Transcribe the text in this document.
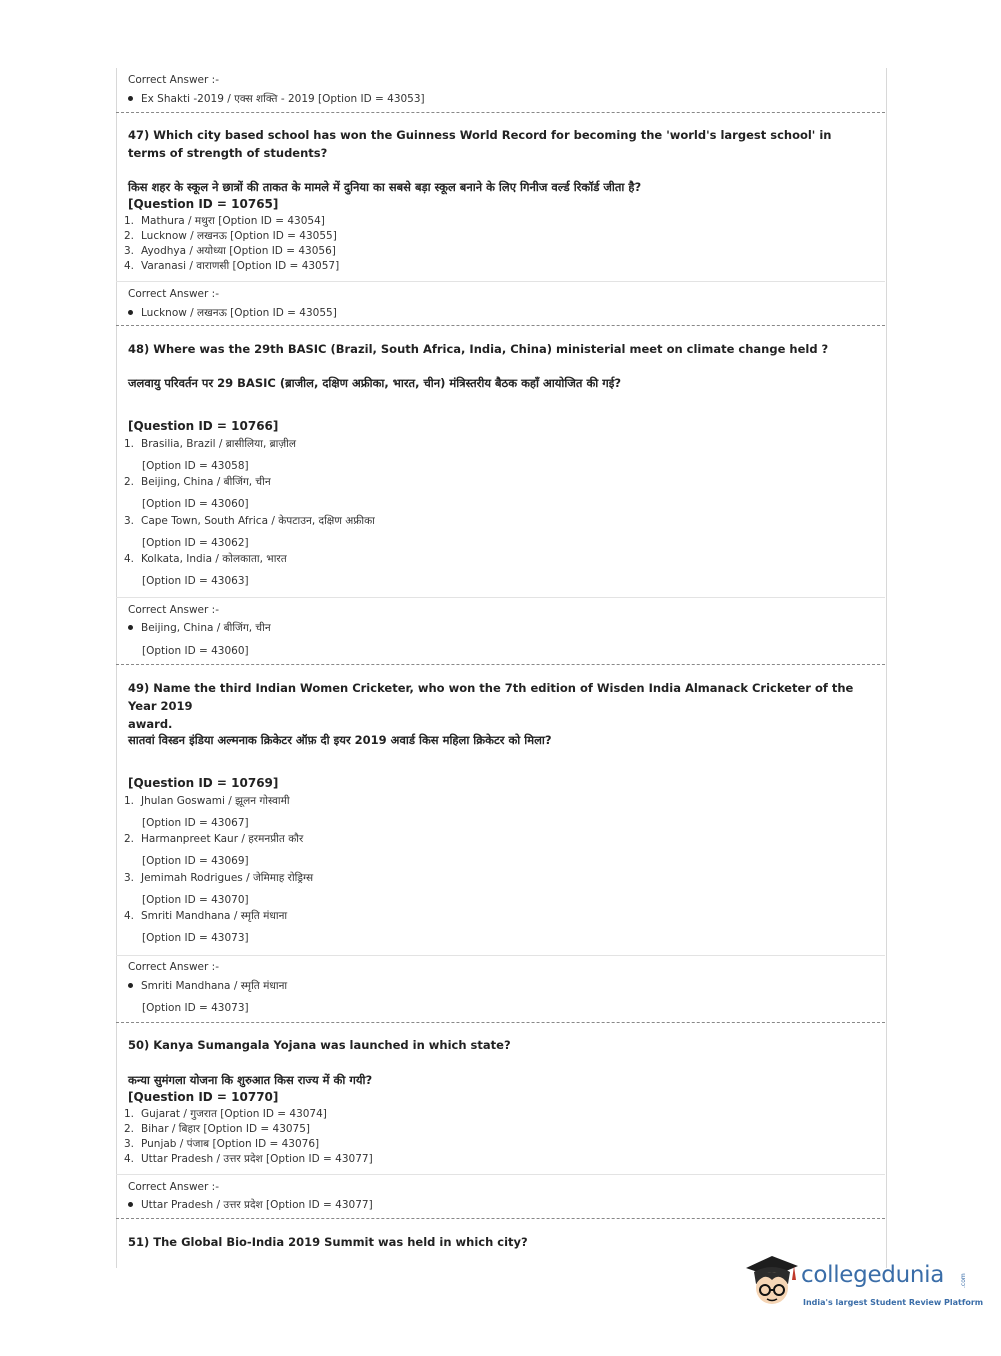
Correct Answer :-
Ex Shakti -2019 / एक्स शक्ति - 2019 [Option ID = 43053]
47) Which city based school has won the Guinness World Record for becoming the 'world's largest school' in terms of strength of students?
किस शहर के स्कूल ने छात्रों की ताकत के मामले में दुनिया का सबसे बड़ा स्कूल बनाने के लिए गिनीज वर्ल्ड रिकॉर्ड जीता है?
[Question ID = 10765]
1. Mathura / मथुरा [Option ID = 43054]
2. Lucknow / लखनऊ [Option ID = 43055]
3. Ayodhya / अयोध्या [Option ID = 43056]
4. Varanasi / वाराणसी [Option ID = 43057]
Correct Answer :-
Lucknow / लखनऊ [Option ID = 43055]
48) Where was the 29th BASIC (Brazil, South Africa, India, China) ministerial meet on climate change held ?
जलवायु परिवर्तन पर 29 BASIC (ब्राजील, दक्षिण अफ्रीका, भारत, चीन) मंत्रिस्तरीय बैठक कहाँ आयोजित की गई?
[Question ID = 10766]
1. Brasilia, Brazil / ब्रासीलिया, ब्राज़ील
[Option ID = 43058]
2. Beijing, China / बीजिंग, चीन
[Option ID = 43060]
3. Cape Town, South Africa / केपटाउन, दक्षिण अफ्रीका
[Option ID = 43062]
4. Kolkata, India / कोलकाता, भारत
[Option ID = 43063]
Correct Answer :-
Beijing, China / बीजिंग, चीन
[Option ID = 43060]
49) Name the third Indian Women Cricketer, who won the 7th edition of Wisden India Almanack Cricketer of the Year 2019
award.
सातवां विस्डन इंडिया अल्मनाक क्रिकेटर ऑफ़ दी इयर 2019 अवार्ड किस महिला क्रिकेटर को मिला?
[Question ID = 10769]
1. Jhulan Goswami / झूलन गोस्वामी
[Option ID = 43067]
2. Harmanpreet Kaur / हरमनप्रीत कौर
[Option ID = 43069]
3. Jemimah Rodrigues / जेमिमाह रोड्रिग्स
[Option ID = 43070]
4. Smriti Mandhana / स्मृति मंधाना
[Option ID = 43073]
Correct Answer :-
Smriti Mandhana / स्मृति मंधाना
[Option ID = 43073]
50) Kanya Sumangala Yojana was launched in which state?
कन्या सुमंगला योजना कि शुरुआत किस राज्य में की गयी?
[Question ID = 10770]
1. Gujarat / गुजरात [Option ID = 43074]
2. Bihar / बिहार [Option ID = 43075]
3. Punjab / पंजाब [Option ID = 43076]
4. Uttar Pradesh / उत्तर प्रदेश [Option ID = 43077]
Correct Answer :-
Uttar Pradesh / उत्तर प्रदेश [Option ID = 43077]
51) The Global Bio-India 2019 Summit was held in which city?
collegedunia	.com
India's largest Student Review Platform
